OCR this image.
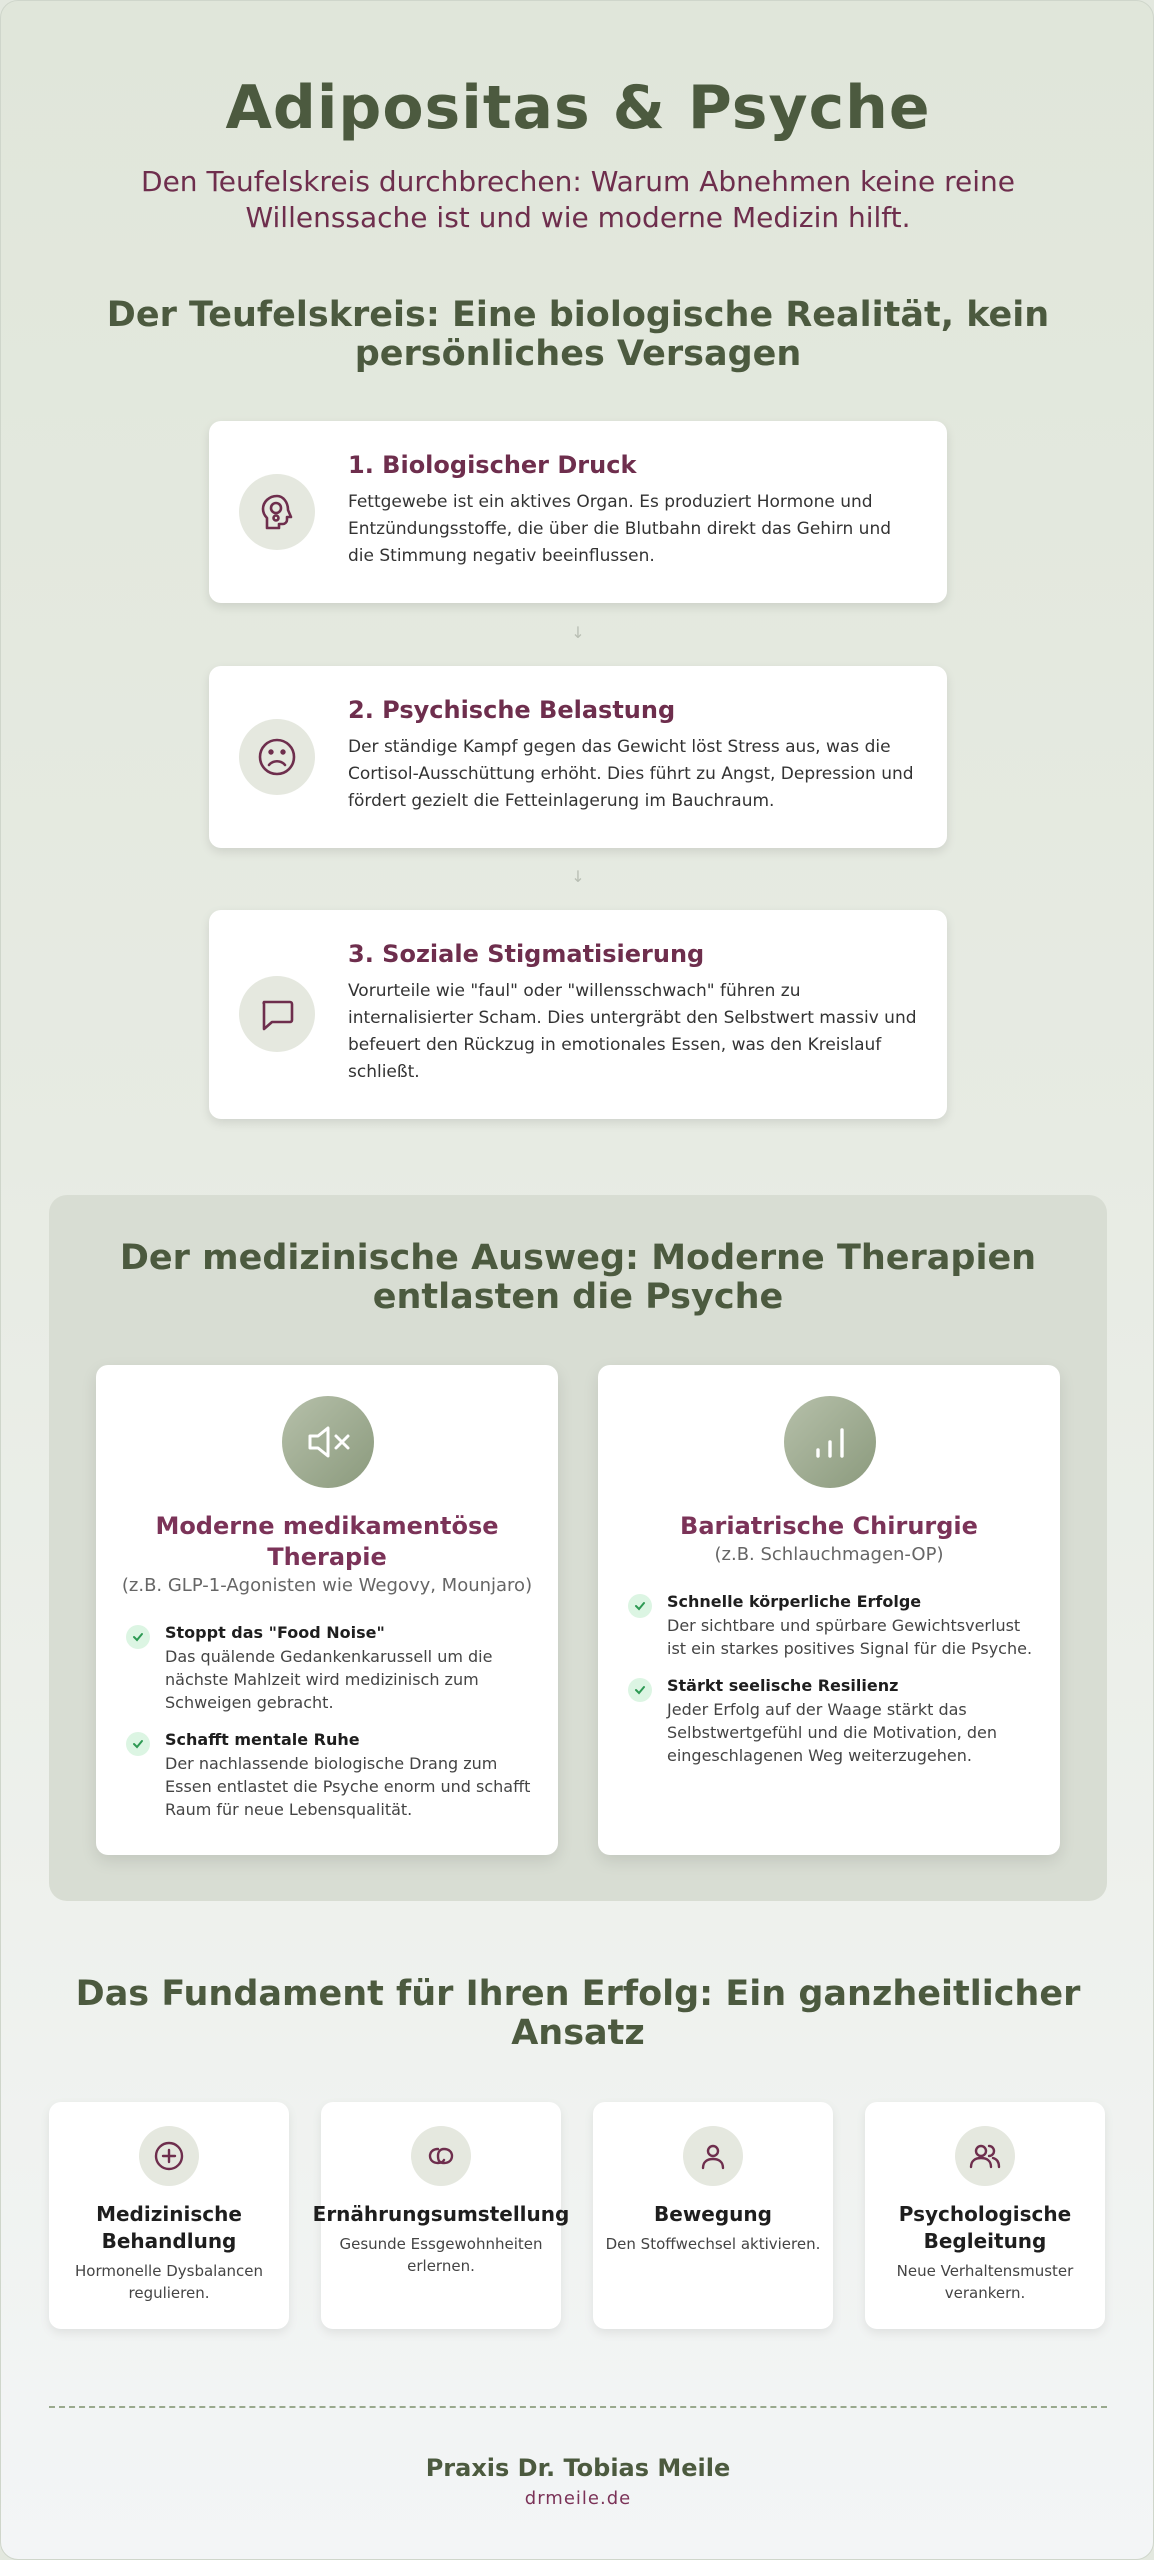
Adipositas & Psyche
Den Teufelskreis durchbrechen: Warum Abnehmen keine reine Willenssache ist und wie moderne Medizin hilft.
Der Teufelskreis: Eine biologische Realität, kein persönliches Versagen
1. Biologischer Druck
Fettgewebe ist ein aktives Organ. Es produziert Hormone und Entzündungsstoffe, die über die Blutbahn direkt das Gehirn und die Stimmung negativ beeinflussen.
↓
2. Psychische Belastung
Der ständige Kampf gegen das Gewicht löst Stress aus, was die Cortisol-Ausschüttung erhöht. Dies führt zu Angst, Depression und fördert gezielt die Fetteinlagerung im Bauchraum.
↓
3. Soziale Stigmatisierung
Vorurteile wie "faul" oder "willensschwach" führen zu internalisierter Scham. Dies untergräbt den Selbstwert massiv und befeuert den Rückzug in emotionales Essen, was den Kreislauf schließt.
Der medizinische Ausweg: Moderne Therapien entlasten die Psyche
Moderne medikamentöse Therapie
(z.B. GLP-1-Agonisten wie Wegovy, Mounjaro)
Stoppt das "Food Noise"
Das quälende Gedankenkarussell um die nächste Mahlzeit wird medizinisch zum Schweigen gebracht.
Schafft mentale Ruhe
Der nachlassende biologische Drang zum Essen entlastet die Psyche enorm und schafft Raum für neue Lebensqualität.
Bariatrische Chirurgie
(z.B. Schlauchmagen-OP)
Schnelle körperliche Erfolge
Der sichtbare und spürbare Gewichtsverlust ist ein starkes positives Signal für die Psyche.
Stärkt seelische Resilienz
Jeder Erfolg auf der Waage stärkt das Selbstwertgefühl und die Motivation, den eingeschlagenen Weg weiterzugehen.
Das Fundament für Ihren Erfolg: Ein ganzheitlicher Ansatz
Medizinische Behandlung
Hormonelle Dysbalancen regulieren.
Ernährungsumstellung
Gesunde Essgewohnheiten erlernen.
Bewegung
Den Stoffwechsel aktivieren.
Psychologische Begleitung
Neue Verhaltensmuster verankern.
Praxis Dr. Tobias Meile
drmeile.de
